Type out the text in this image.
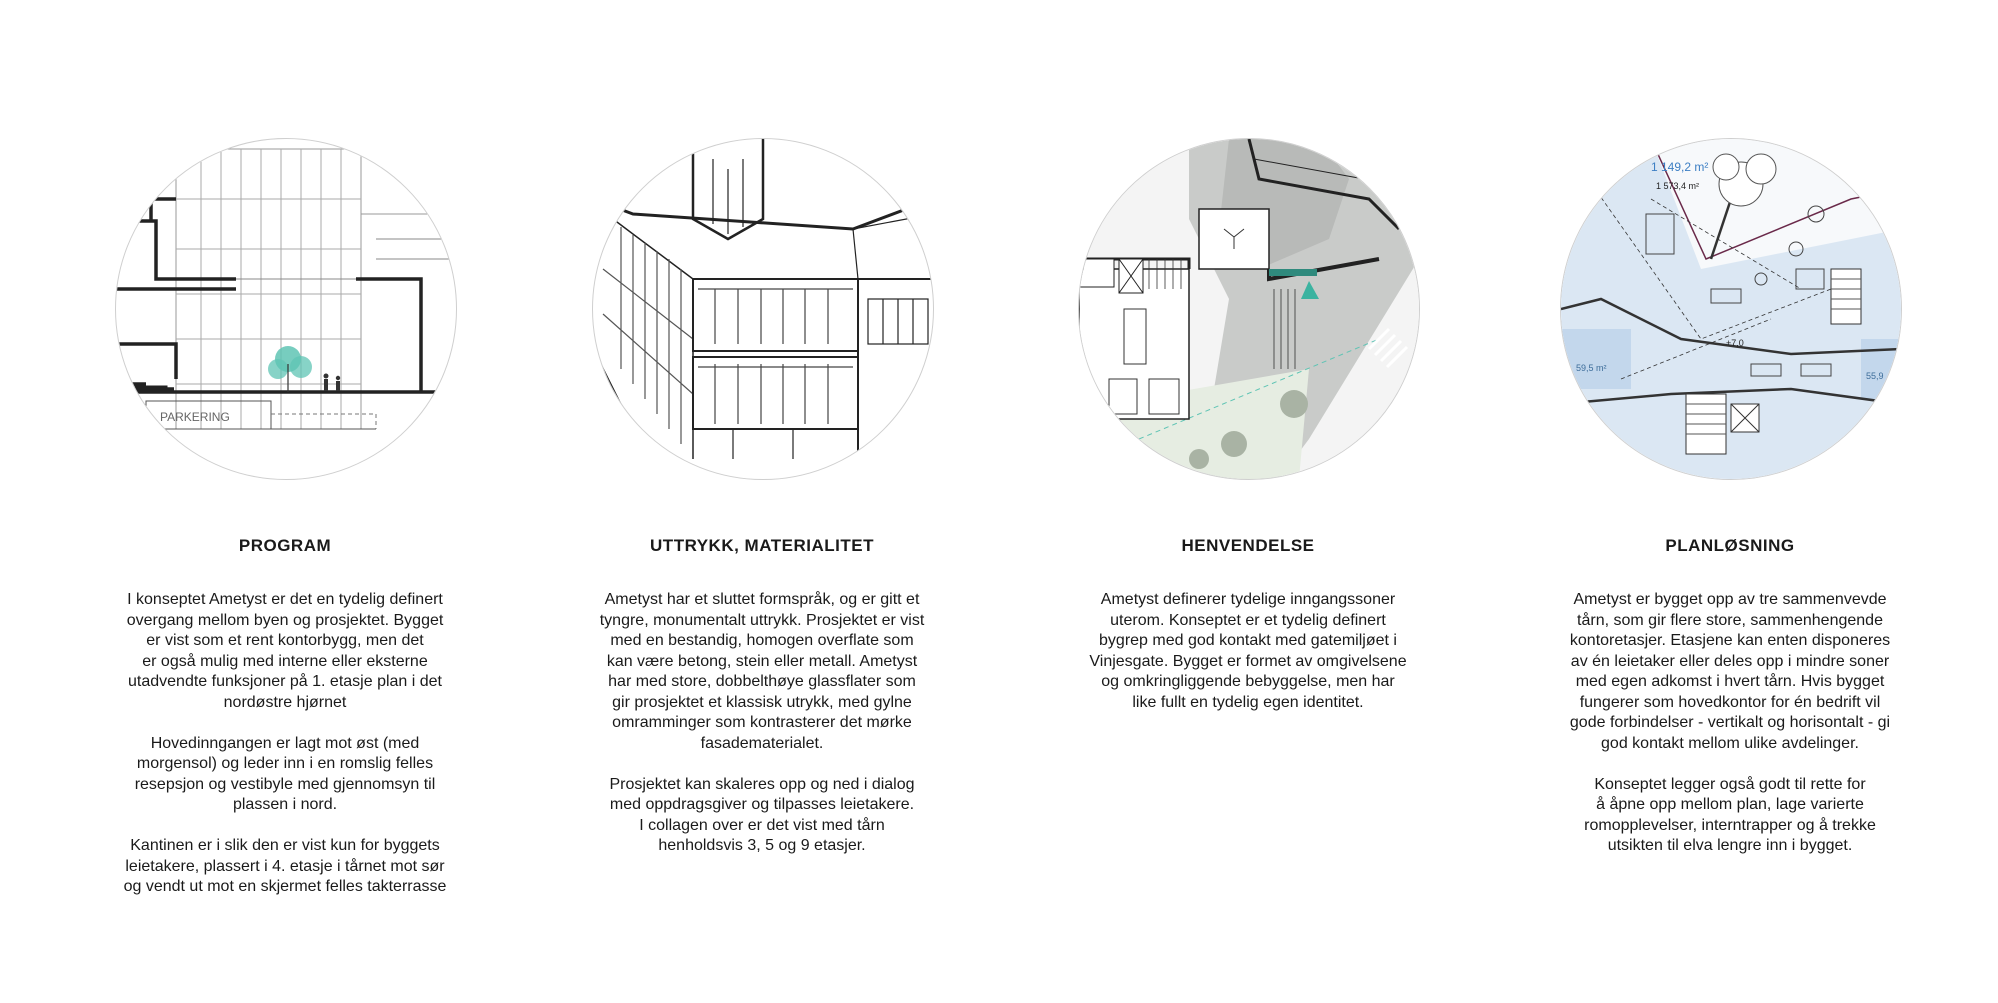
PARKERING
PROGRAM

I konseptet Ametyst er det en tydelig definert
overgang mellom byen og prosjektet. Bygget
er vist som et rent kontorbygg, men det
er også mulig med interne eller eksterne
utadvendte funksjoner på 1. etasje plan i det
nordøstre hjørnet

Hovedinngangen er lagt mot øst (med
morgensol) og leder inn i en romslig felles
resepsjon og vestibyle med gjennomsyn til
plassen i nord.

Kantinen er i slik den er vist kun for byggets
leietakere, plassert i 4. etasje i tårnet mot sør
og vendt ut mot en skjermet felles takterrasse

UTTRYKK, MATERIALITET

Ametyst har et sluttet formspråk, og er gitt et
tyngre, monumentalt uttrykk. Prosjektet er vist
med en bestandig, homogen overflate som
kan være betong, stein eller metall. Ametyst
har med store, dobbelthøye glassflater som
gir prosjektet et klassisk utrykk, med gylne
omramminger som kontrasterer det mørke
fasadematerialet.

Prosjektet kan skaleres opp og ned i dialog
med oppdragsgiver og tilpasses leietakere.
I collagen over er det vist med tårn
henholdsvis 3, 5 og 9 etasjer.

HENVENDELSE

Ametyst definerer tydelige inngangssoner
uterom. Konseptet er et tydelig definert
bygrep med god kontakt med gatemiljøet i
Vinjesgate. Bygget er formet av omgivelsene
og omkringliggende bebyggelse, men har
like fullt en tydelig egen identitet.

1 149,2 m²
1 573,4 m²
59,5 m²
55,9
+7,0
PLANLØSNING

Ametyst er bygget opp av tre sammenvevde
tårn, som gir flere store, sammenhengende
kontoretasjer. Etasjene kan enten disponeres
av én leietaker eller deles opp i mindre soner
med egen adkomst i hvert tårn. Hvis bygget
fungerer som hovedkontor for én bedrift vil
gode forbindelser - vertikalt og horisontalt - gi
god kontakt mellom ulike avdelinger.

Konseptet legger også godt til rette for
å åpne opp mellom plan, lage varierte
romopplevelser, interntrapper og å trekke
utsikten til elva lengre inn i bygget.
